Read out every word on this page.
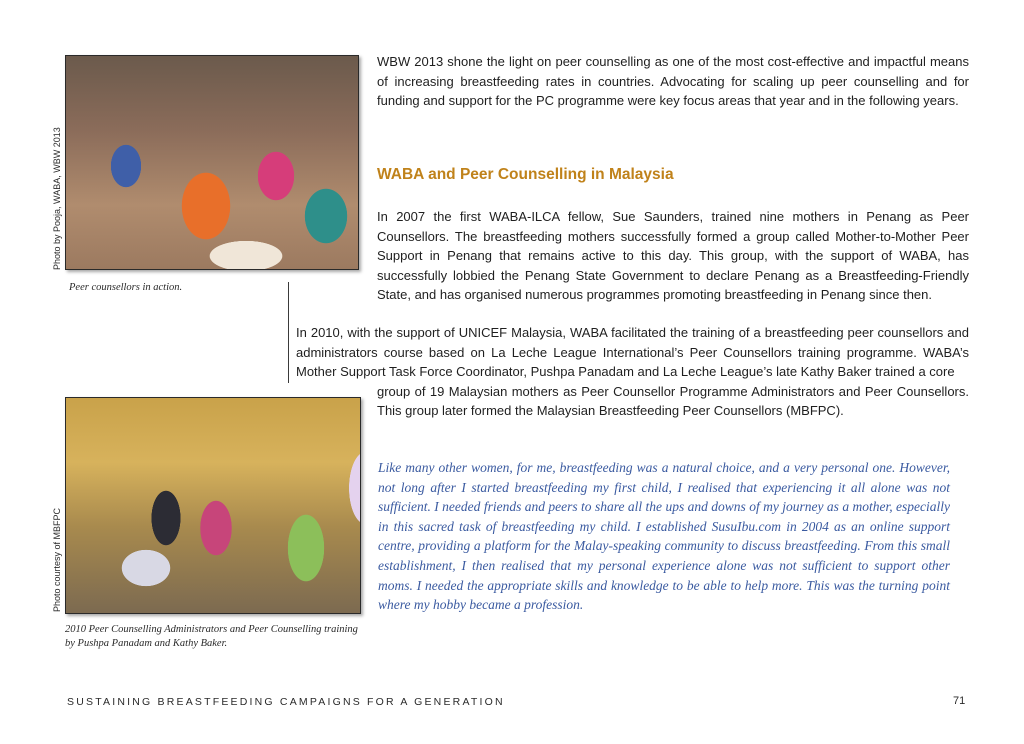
Photo by Pooja, WABA, WBW 2013
Peer counsellors in action.
Photo courtesy of MBFPC
2010 Peer Counselling Administrators and Peer Counselling training by Pushpa Panadam and Kathy Baker.

WBW 2013 shone the light on peer counselling as one of the most cost-effective and impactful means of increasing breastfeeding rates in countries. Advocating for scaling up peer counselling and for funding and support for the PC programme were key focus areas that year and in the following years.

WABA and Peer Counselling in Malaysia

In 2007 the first WABA-ILCA fellow, Sue Saunders, trained nine mothers in Penang as Peer Counsellors. The breastfeeding mothers successfully formed a group called Mother-to-Mother Peer Support in Penang that remains active to this day. This group, with the support of WABA, has successfully lobbied the Penang State Government to declare Penang as a Breastfeeding-Friendly State, and has organised numerous programmes promoting breastfeeding in Penang since then.

In 2010, with the support of UNICEF Malaysia, WABA facilitated the training of a breastfeeding peer counsellors and administrators course based on La Leche League International’s Peer Counsellors training programme. WABA’s Mother Support Task Force Coordinator, Pushpa Panadam and La Leche League’s late Kathy Baker trained a core
group of 19 Malaysian mothers as Peer Counsellor Programme Administrators and Peer Counsellors. This group later formed the Malaysian Breastfeeding Peer Counsellors (MBFPC).

Like many other women, for me, breastfeeding was a natural choice, and a very personal one. However, not long after I started breastfeeding my first child, I realised that experiencing it all alone was not sufficient. I needed friends and peers to share all the ups and downs of my journey as a mother, especially in this sacred task of breastfeeding my child. I established SusuIbu.com in 2004 as an online support centre, providing a platform for the Malay-speaking community to discuss breastfeeding. From this small establishment, I then realised that my personal experience alone was not sufficient to support other moms. I needed the appropriate skills and knowledge to be able to help more. This was the turning point where my hobby became a profession.

SUSTAINING BREASTFEEDING CAMPAIGNS FOR A GENERATION	71
